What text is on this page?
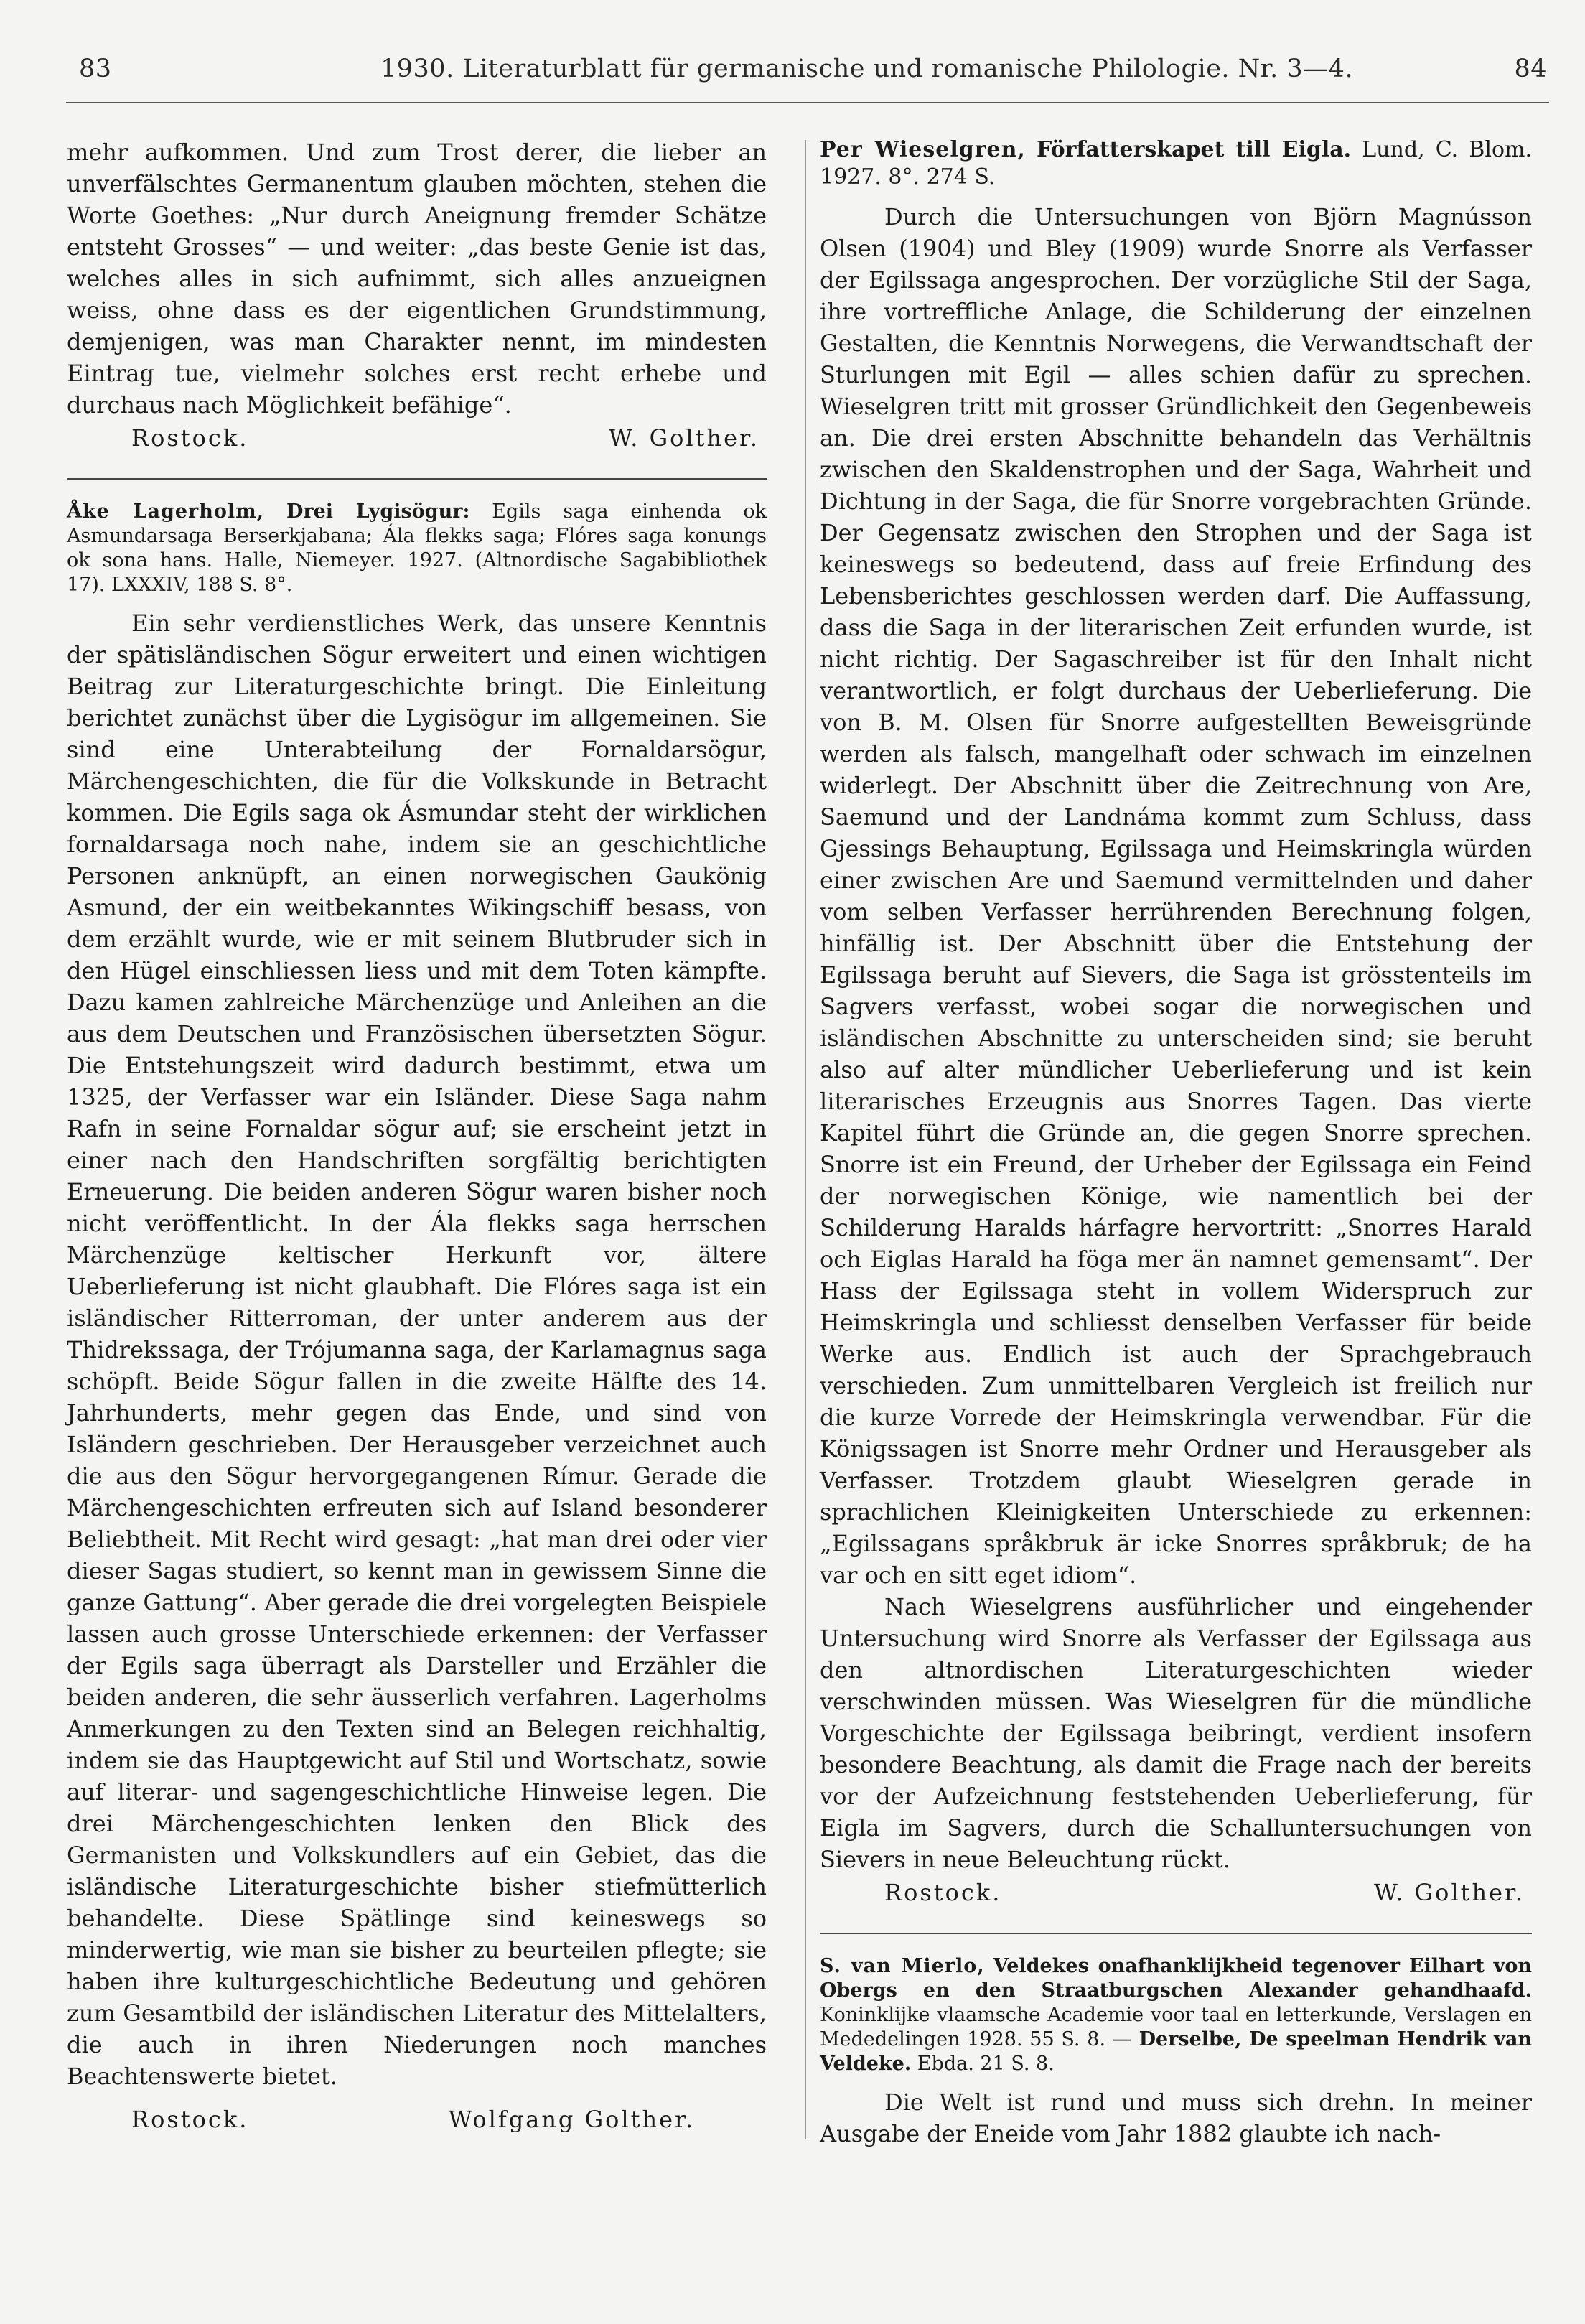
83	1930. Literaturblatt für germanische und romanische Philologie. Nr. 3—4.	84

mehr aufkommen. Und zum Trost derer, die lieber an unverfälschtes Germanentum glauben möchten, stehen die Worte Goethes: „Nur durch Aneignung fremder Schätze entsteht Grosses“ — und weiter: „das beste Genie ist das, welches alles in sich aufnimmt, sich alles anzueignen weiss, ohne dass es der eigentlichen Grundstimmung, demjenigen, was man Charakter nennt, im mindesten Eintrag tue, vielmehr solches erst recht erhebe und durchaus nach Möglichkeit befähige“.

Rostock.	W. Golther.
Åke Lagerholm, Drei Lygisögur: Egils saga einhenda ok Asmundarsaga Berserkjabana; Ála flekks saga; Flóres saga konungs ok sona hans. Halle, Niemeyer. 1927. (Altnordische Sagabibliothek 17). LXXXIV, 188 S. 8°.

Ein sehr verdienstliches Werk, das unsere Kenntnis der spätisländischen Sögur erweitert und einen wichtigen Beitrag zur Literaturgeschichte bringt. Die Einleitung berichtet zunächst über die Lygisögur im allgemeinen. Sie sind eine Unterabteilung der Fornaldarsögur, Märchengeschichten, die für die Volkskunde in Betracht kommen. Die Egils saga ok Ásmundar steht der wirklichen fornaldarsaga noch nahe, indem sie an geschichtliche Personen anknüpft, an einen norwegischen Gaukönig Asmund, der ein weitbekanntes Wikingschiff besass, von dem erzählt wurde, wie er mit seinem Blutbruder sich in den Hügel einschliessen liess und mit dem Toten kämpfte. Dazu kamen zahlreiche Märchenzüge und Anleihen an die aus dem Deutschen und Französischen übersetzten Sögur. Die Entstehungszeit wird dadurch bestimmt, etwa um 1325, der Verfasser war ein Isländer. Diese Saga nahm Rafn in seine Fornaldar sögur auf; sie erscheint jetzt in einer nach den Handschriften sorgfältig berichtigten Erneuerung. Die beiden anderen Sögur waren bisher noch nicht veröffentlicht. In der Ála flekks saga herrschen Märchenzüge keltischer Herkunft vor, ältere Ueberlieferung ist nicht glaubhaft. Die Flóres saga ist ein isländischer Ritterroman, der unter anderem aus der Thidrekssaga, der Trójumanna saga, der Karlamagnus saga schöpft. Beide Sögur fallen in die zweite Hälfte des 14. Jahrhunderts, mehr gegen das Ende, und sind von Isländern geschrieben. Der Herausgeber verzeichnet auch die aus den Sögur hervorgegangenen Rímur. Gerade die Märchengeschichten erfreuten sich auf Island besonderer Beliebtheit. Mit Recht wird gesagt: „hat man drei oder vier dieser Sagas studiert, so kennt man in gewissem Sinne die ganze Gattung“. Aber gerade die drei vorgelegten Beispiele lassen auch grosse Unterschiede erkennen: der Verfasser der Egils saga überragt als Darsteller und Erzähler die beiden anderen, die sehr äusserlich verfahren. Lagerholms Anmerkungen zu den Texten sind an Belegen reichhaltig, indem sie das Hauptgewicht auf Stil und Wortschatz, sowie auf literar- und sagengeschichtliche Hinweise legen. Die drei Märchengeschichten lenken den Blick des Germanisten und Volkskundlers auf ein Gebiet, das die isländische Literaturgeschichte bisher stiefmütterlich behandelte. Diese Spätlinge sind keineswegs so minderwertig, wie man sie bisher zu beurteilen pflegte; sie haben ihre kulturgeschichtliche Bedeutung und gehören zum Gesamtbild der isländischen Literatur des Mittelalters, die auch in ihren Niederungen noch manches Beachtenswerte bietet.

Rostock.	Wolfgang Golther.
Per Wieselgren, Författerskapet till Eigla. Lund, C. Blom. 1927. 8°. 274 S.

Durch die Untersuchungen von Björn Magnússon Olsen (1904) und Bley (1909) wurde Snorre als Verfasser der Egilssaga angesprochen. Der vorzügliche Stil der Saga, ihre vortreffliche Anlage, die Schilderung der einzelnen Gestalten, die Kenntnis Norwegens, die Verwandtschaft der Sturlungen mit Egil — alles schien dafür zu sprechen. Wieselgren tritt mit grosser Gründlichkeit den Gegenbeweis an. Die drei ersten Abschnitte behandeln das Verhältnis zwischen den Skaldenstrophen und der Saga, Wahrheit und Dichtung in der Saga, die für Snorre vorgebrachten Gründe. Der Gegensatz zwischen den Strophen und der Saga ist keineswegs so bedeutend, dass auf freie Erfindung des Lebensberichtes geschlossen werden darf. Die Auffassung, dass die Saga in der literarischen Zeit erfunden wurde, ist nicht richtig. Der Sagaschreiber ist für den Inhalt nicht verantwortlich, er folgt durchaus der Ueberlieferung. Die von B. M. Olsen für Snorre aufgestellten Beweisgründe werden als falsch, mangelhaft oder schwach im einzelnen widerlegt. Der Abschnitt über die Zeitrechnung von Are, Saemund und der Landnáma kommt zum Schluss, dass Gjessings Behauptung, Egilssaga und Heimskringla würden einer zwischen Are und Saemund vermittelnden und daher vom selben Verfasser herrührenden Berechnung folgen, hinfällig ist. Der Abschnitt über die Entstehung der Egilssaga beruht auf Sievers, die Saga ist grösstenteils im Sagvers verfasst, wobei sogar die norwegischen und isländischen Abschnitte zu unterscheiden sind; sie beruht also auf alter mündlicher Ueberlieferung und ist kein literarisches Erzeugnis aus Snorres Tagen. Das vierte Kapitel führt die Gründe an, die gegen Snorre sprechen. Snorre ist ein Freund, der Urheber der Egilssaga ein Feind der norwegischen Könige, wie namentlich bei der Schilderung Haralds hárfagre hervortritt: „Snorres Harald och Eiglas Harald ha föga mer än namnet gemensamt“. Der Hass der Egilssaga steht in vollem Widerspruch zur Heimskringla und schliesst denselben Verfasser für beide Werke aus. Endlich ist auch der Sprachgebrauch verschieden. Zum unmittelbaren Vergleich ist freilich nur die kurze Vorrede der Heimskringla verwendbar. Für die Königssagen ist Snorre mehr Ordner und Herausgeber als Verfasser. Trotzdem glaubt Wieselgren gerade in sprachlichen Kleinigkeiten Unterschiede zu erkennen: „Egilssagans språkbruk är icke Snorres språkbruk; de ha var och en sitt eget idiom“.

Nach Wieselgrens ausführlicher und eingehender Untersuchung wird Snorre als Verfasser der Egilssaga aus den altnordischen Literaturgeschichten wieder verschwinden müssen. Was Wieselgren für die mündliche Vorgeschichte der Egilssaga beibringt, verdient insofern besondere Beachtung, als damit die Frage nach der bereits vor der Aufzeichnung feststehenden Ueberlieferung, für Eigla im Sagvers, durch die Schalluntersuchungen von Sievers in neue Beleuchtung rückt.

Rostock.	W. Golther.
S. van Mierlo, Veldekes onafhanklijkheid tegenover Eilhart von Obergs en den Straatburgschen Alexander gehandhaafd. Koninklijke vlaamsche Academie voor taal en letterkunde, Verslagen en Mededelingen 1928. 55 S. 8. — Derselbe, De speelman Hendrik van Veldeke. Ebda. 21 S. 8.

Die Welt ist rund und muss sich drehn. In meiner Ausgabe der Eneide vom Jahr 1882 glaubte ich nach-
